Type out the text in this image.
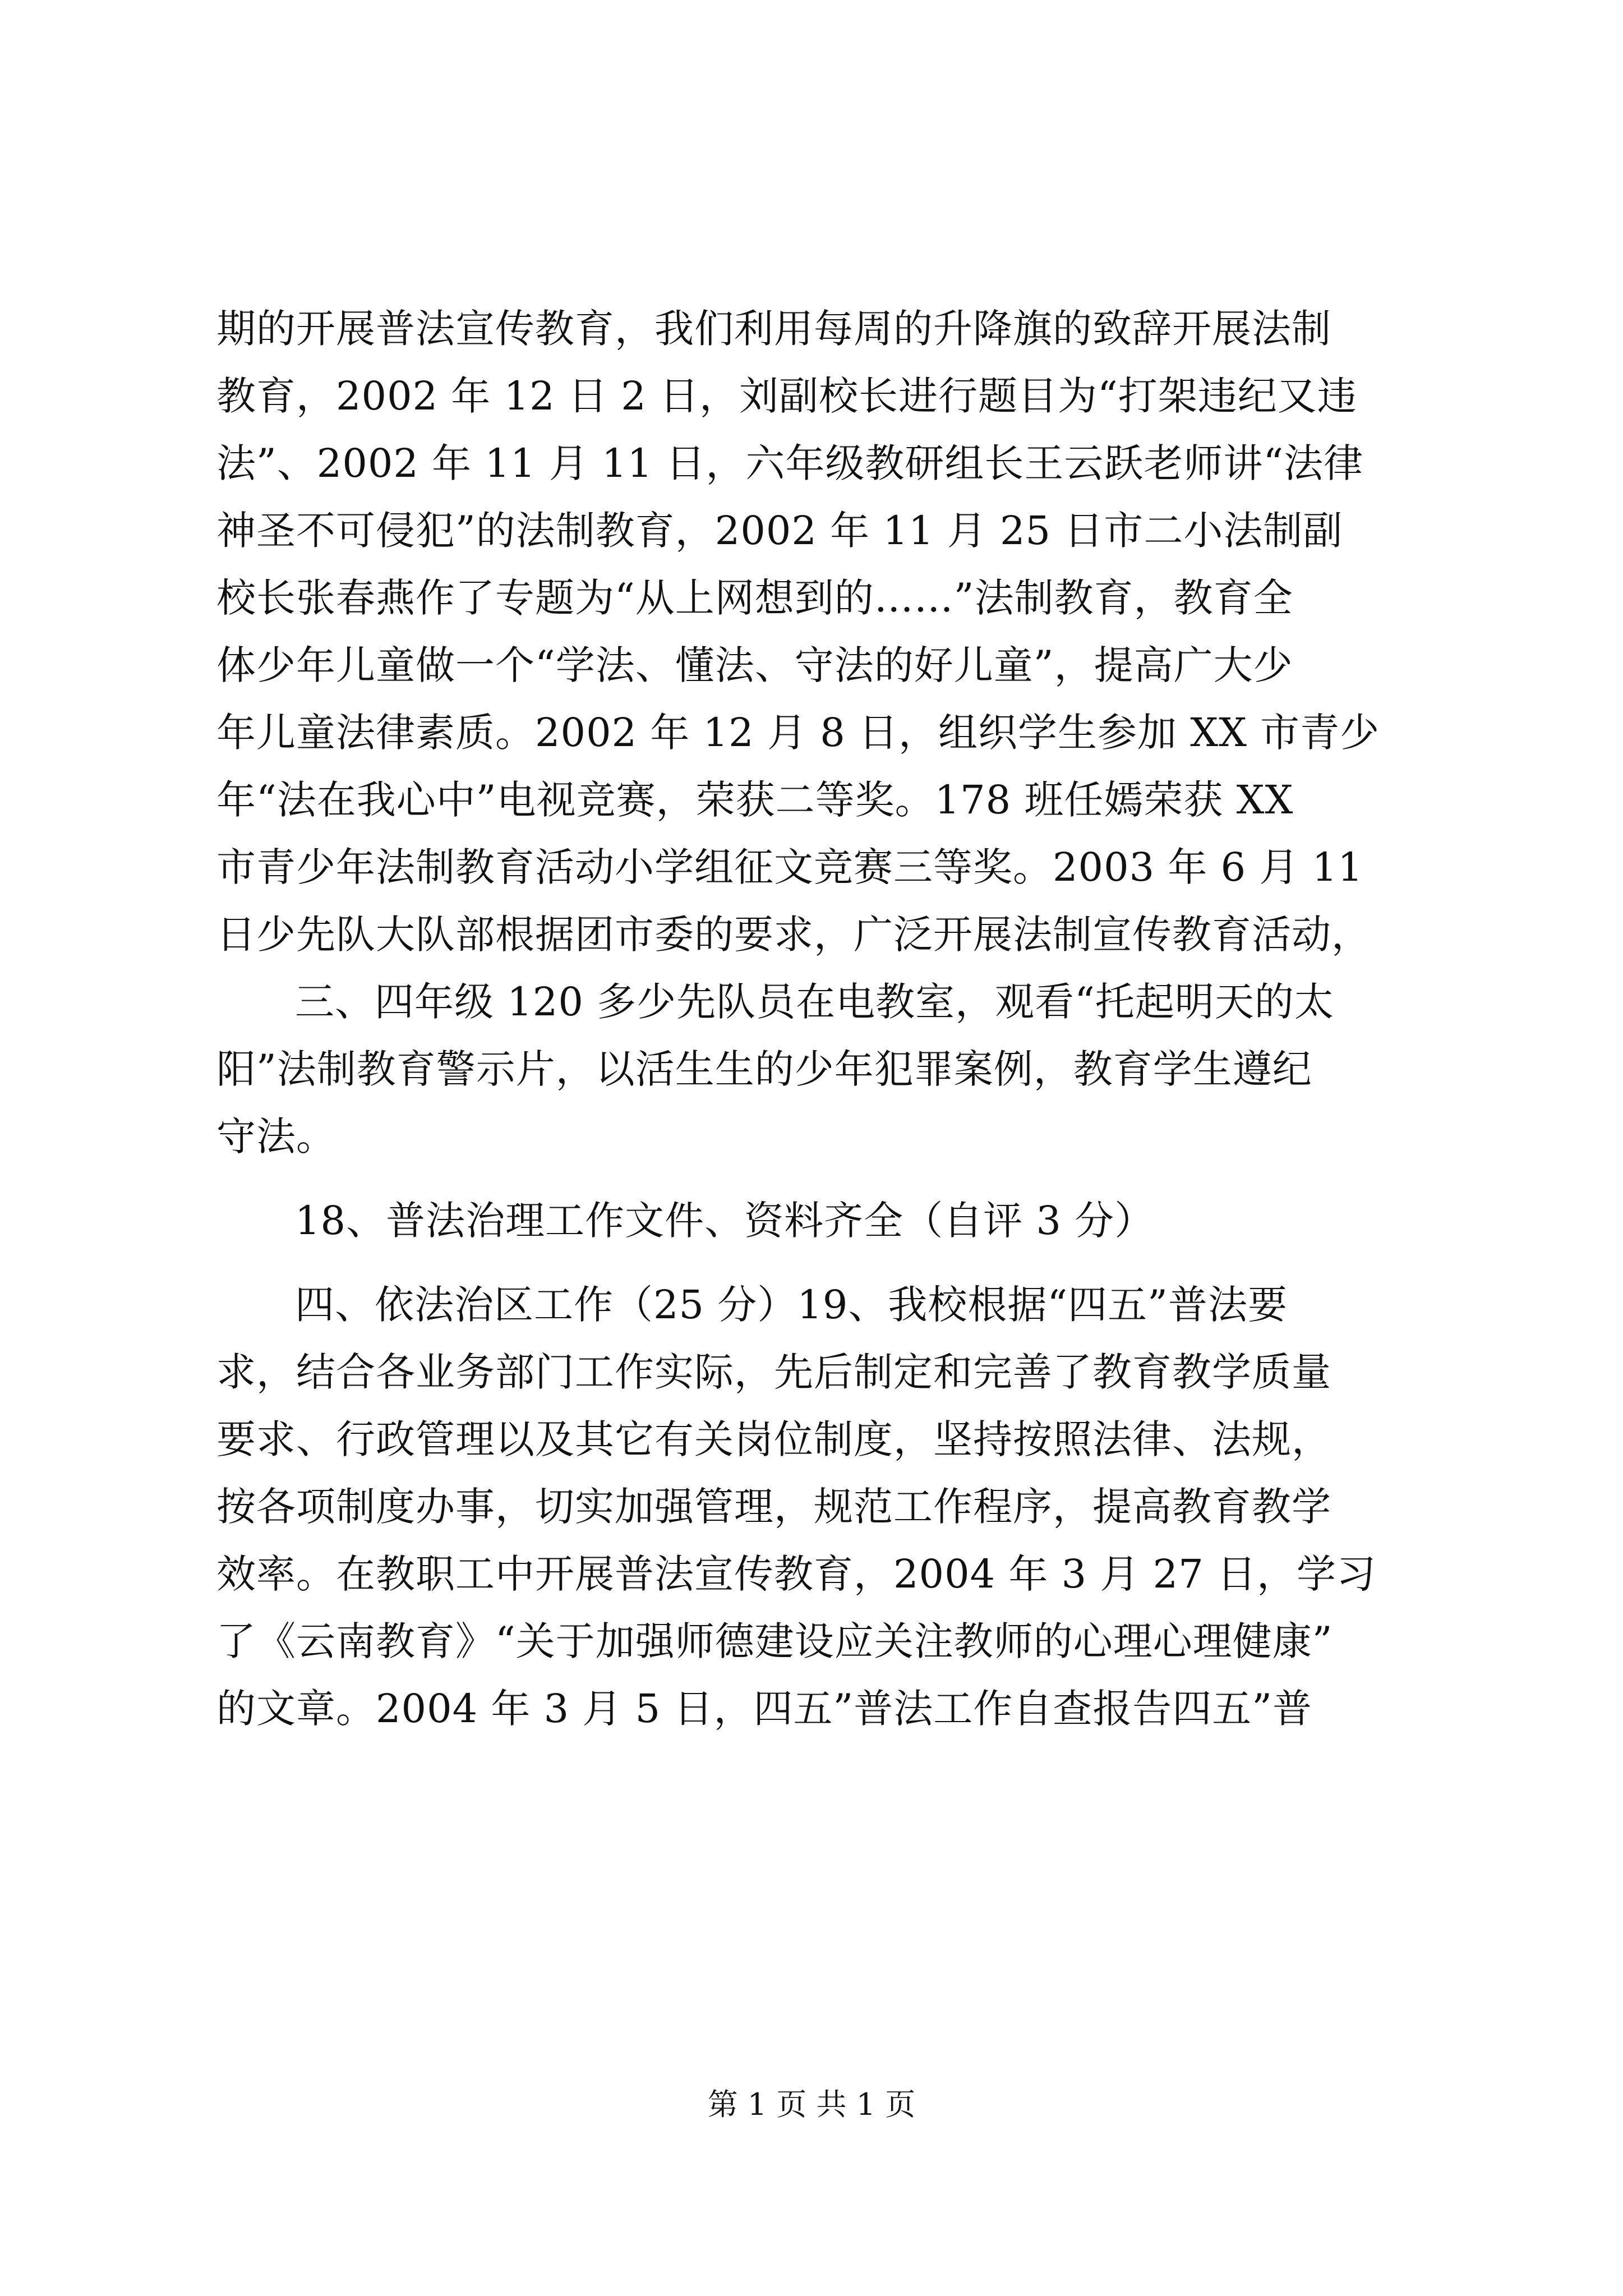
期的开展普法宣传教育，我们利用每周的升降旗的致辞开展法制
教育，2002 年 12 日 2 日，刘副校长进行题目为“打架违纪又违
法”、2002 年 11 月 11 日，六年级教研组长王云跃老师讲“法律
神圣不可侵犯”的法制教育，2002 年 11 月 25 日市二小法制副
校长张春燕作了专题为“从上网想到的……”法制教育，教育全
体少年儿童做一个“学法、懂法、守法的好儿童”，提高广大少
年儿童法律素质。2002 年 12 月 8 日，组织学生参加 XX 市青少
年“法在我心中”电视竞赛，荣获二等奖。178 班任嫣荣获 XX
市青少年法制教育活动小学组征文竞赛三等奖。2003 年 6 月 11
日少先队大队部根据团市委的要求，广泛开展法制宣传教育活动，
三、四年级 120 多少先队员在电教室，观看“托起明天的太
阳”法制教育警示片，以活生生的少年犯罪案例，教育学生遵纪
守法。
18、普法治理工作文件、资料齐全（自评 3 分）
四、依法治区工作（25 分）19、我校根据“四五”普法要
求，结合各业务部门工作实际，先后制定和完善了教育教学质量
要求、行政管理以及其它有关岗位制度，坚持按照法律、法规，
按各项制度办事，切实加强管理，规范工作程序，提高教育教学
效率。在教职工中开展普法宣传教育，2004 年 3 月 27 日，学习
了《云南教育》“关于加强师德建设应关注教师的心理心理健康”
的文章。2004 年 3 月 5 日，四五”普法工作自查报告四五”普
第 1 页 共 1 页
